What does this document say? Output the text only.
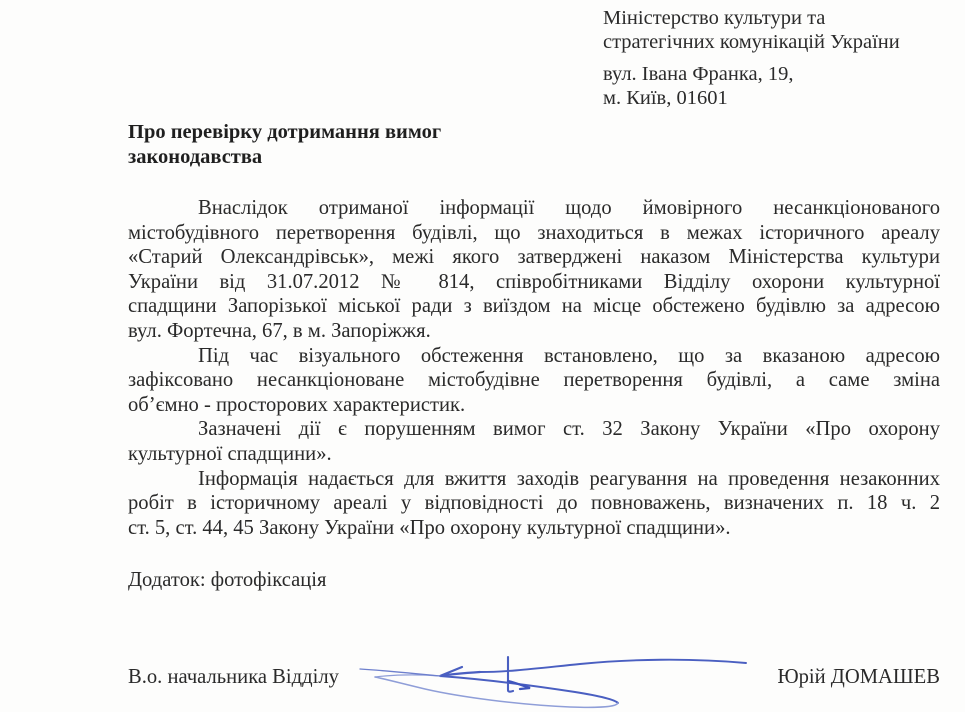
Міністерство культури та
стратегічних комунікацій України
вул. Івана Франка, 19,
м. Київ, 01601
Про перевірку дотримання вимог
законодавства

Внаслідок отриманої інформації щодо ймовірного несанкціонованого
містобудівного перетворення будівлі, що знаходиться в межах історичного ареалу
«Старий Олександрівськ», межі якого затверджені наказом Міністерства культури
України від 31.07.2012 № 814, співробітниками Відділу охорони культурної
спадщини Запорізької міської ради з виїздом на місце обстежено будівлю за адресою
вул. Фортечна, 67, в м. Запоріжжя.

Під час візуального обстеження встановлено, що за вказаною адресою
зафіксовано несанкціоноване містобудівне перетворення будівлі, а саме зміна
об’ємно - просторових характеристик.

Зазначені дії є порушенням вимог ст. 32 Закону України «Про охорону
культурної спадщини».

Інформація надається для вжиття заходів реагування на проведення незаконних
робіт в історичному ареалі у відповідності до повноважень, визначених п. 18 ч. 2
ст. 5, ст. 44, 45 Закону України «Про охорону культурної спадщини».

Додаток: фотофіксація
В.о. начальника Відділу	Юрій ДОМАШЕВ
